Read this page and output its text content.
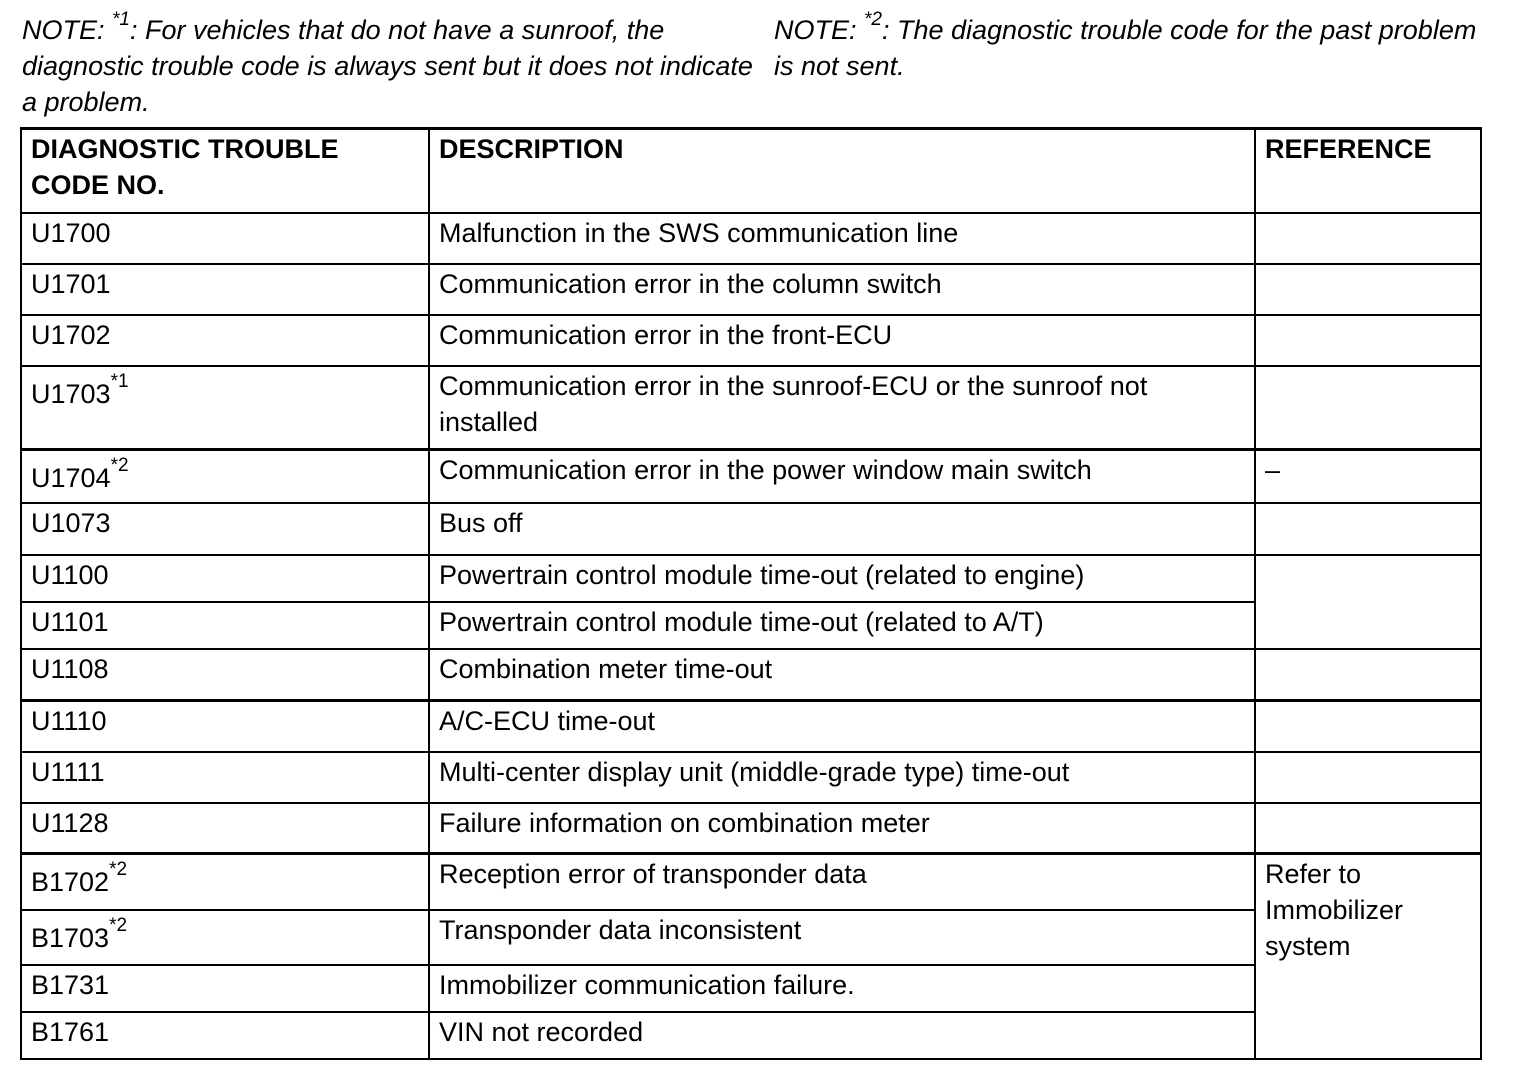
NOTE: $^{*1}$: For vehicles that do not have a sunroof, the diagnostic trouble code is always sent but it does not indicate a problem.
NOTE: $^{*2}$: The diagnostic trouble code for the past problem is not sent.
DIAGNOSTIC TROUBLE CODE NO.	DESCRIPTION	REFERENCE
U1700	Malfunction in the SWS communication line	
U1701	Communication error in the column switch	
U1702	Communication error in the front-ECU	
U1703$^{*1}$	Communication error in the sunroof-ECU or the sunroof not installed	
U1704$^{*2}$	Communication error in the power window main switch	–
U1073	Bus off	
U1100	Powertrain control module time-out (related to engine)	
U1101	Powertrain control module time-out (related to A/T)	
U1108	Combination meter time-out	
U1110	A/C-ECU time-out	
U1111	Multi-center display unit (middle-grade type) time-out	
U1128	Failure information on combination meter	
B1702$^{*2}$	Reception error of transponder data	Refer to Immobilizer system
B1703$^{*2}$	Transponder data inconsistent	
B1731	Immobilizer communication failure.	
B1761	VIN not recorded	
